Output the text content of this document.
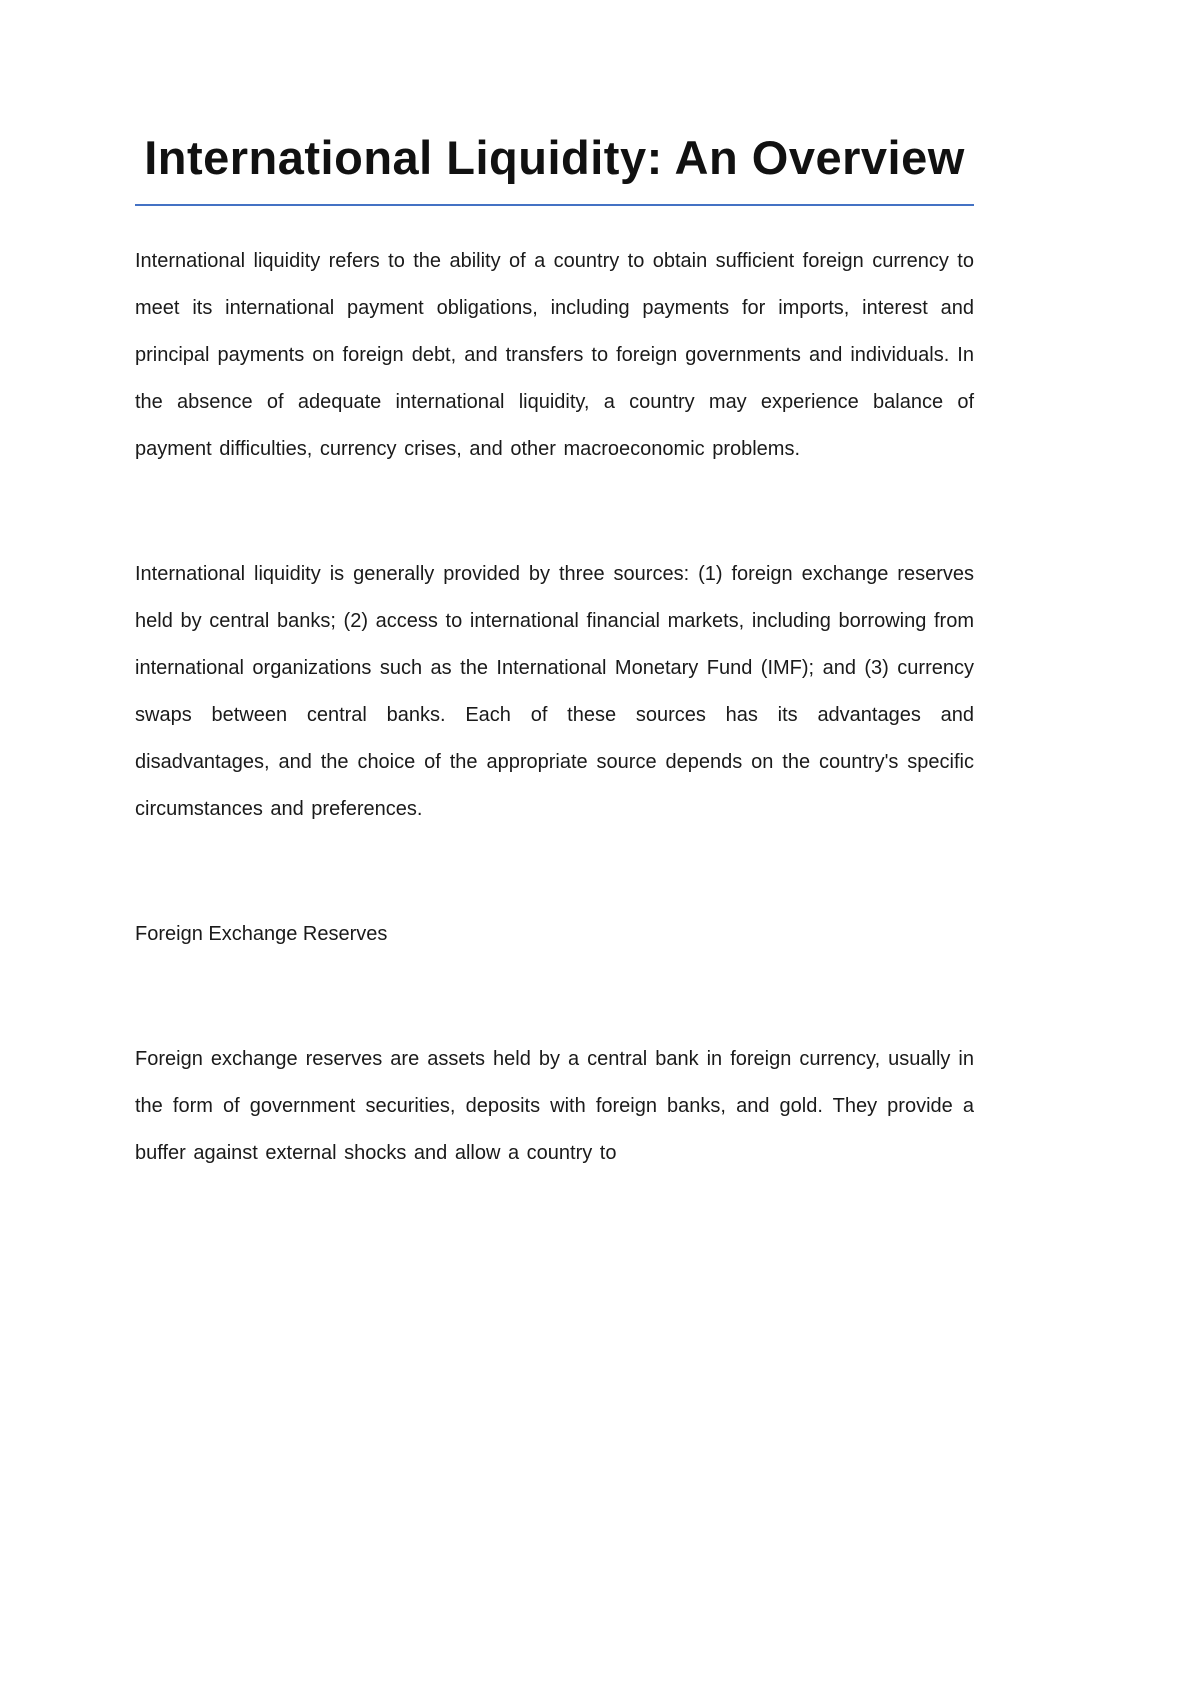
International Liquidity: An Overview

International liquidity refers to the ability of a country to obtain sufficient foreign currency to meet its international payment obligations, including payments for imports, interest and principal payments on foreign debt, and transfers to foreign governments and individuals. In the absence of adequate international liquidity, a country may experience balance of payment difficulties, currency crises, and other macroeconomic problems.

International liquidity is generally provided by three sources: (1) foreign exchange reserves held by central banks; (2) access to international financial markets, including borrowing from international organizations such as the International Monetary Fund (IMF); and (3) currency swaps between central banks. Each of these sources has its advantages and disadvantages, and the choice of the appropriate source depends on the country's specific circumstances and preferences.

Foreign Exchange Reserves

Foreign exchange reserves are assets held by a central bank in foreign currency, usually in the form of government securities, deposits with foreign banks, and gold. They provide a buffer against external shocks and allow a country to
